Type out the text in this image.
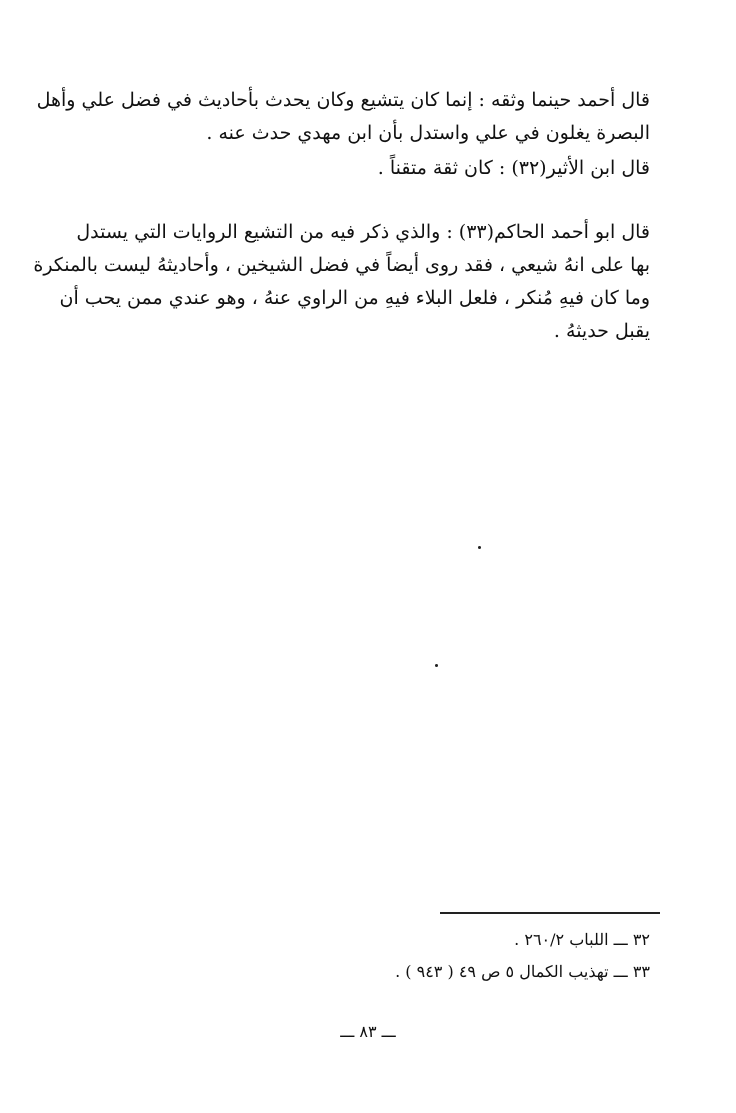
قال أحمد حينما وثقه : إنما كان يتشيع وكان يحدث بأحاديث في فضل علي وأهل
البصرة يغلون في علي واستدل بأن ابن مهدي حدث عنه .

قال ابن الأثير(٣٢) : كان ثقة متقناً .

قال ابو أحمد الحاكم(٣٣) : والذي ذكر فيه من التشيع الروايات التي يستدل
بها على انهُ شيعي ، فقد روى أيضاً في فضل الشيخين ، وأحاديثهُ ليست بالمنكرة
وما كان فيهِ مُنكر ، فلعل البلاء فيهِ من الراوي عنهُ ، وهو عندي ممن يحب أن
يقبل حديثهُ .

٣٢ ـــ اللباب ٢٦٠/٢ .
٣٣ ـــ تهذيب الكمال ٥ ص ٤٩ ( ٩٤٣ ) .
ـــ ٨٣ ـــ
